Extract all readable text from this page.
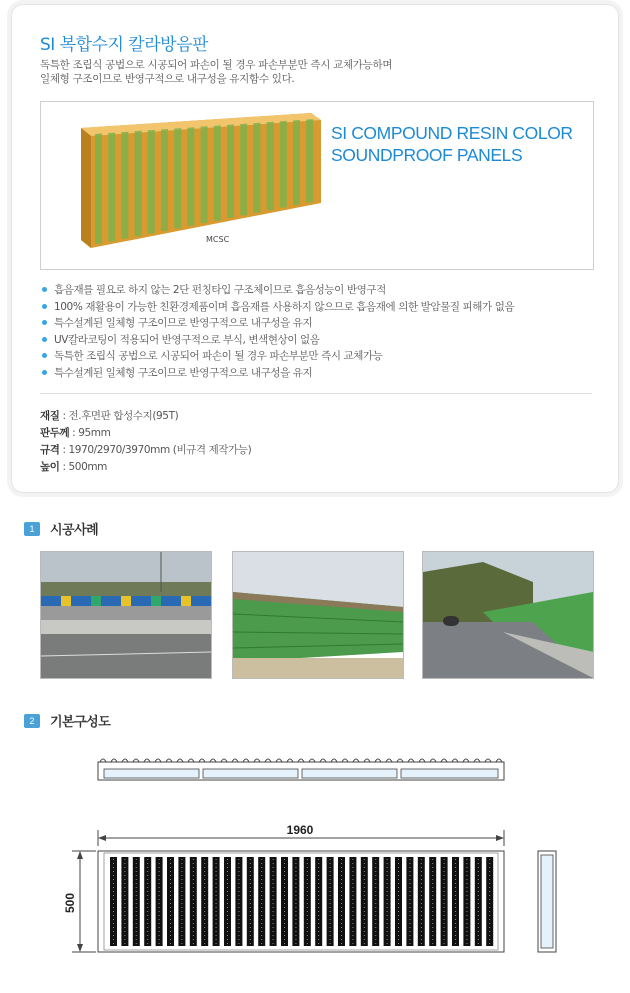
SI 복합수지 칼라방음판
독특한 조립식 공법으로 시공되어 파손이 될 경우 파손부분만 즉시 교체가능하며
일체형 구조이므로 반영구적으로 내구성을 유지함수 있다.
SI COMPOUND RESIN COLOR
SOUNDPROOF PANELS
MCSC
흡음재를 필요로 하지 않는 2단 펀칭타입 구조체이므로 흡음성능이 반영구적
100% 재활용이 가능한 친환경제품이며 흡음재를 사용하지 않으므로 흡음재에 의한 발암물질 피해가 없음
특수설계된 일체형 구조이므로 반영구적으로 내구성을 유지
UV칼라코팅이 적용되어 반영구적으로 부식, 변색현상이 없음
독특한 조립식 공법으로 시공되어 파손이 될 경우 파손부분만 즉시 교체가능
특수설계된 일체형 구조이므로 반영구적으로 내구성을 유지
재질 : 전.후면판 합성수지(95T)
판두께 : 95mm
규격 : 1970/2970/3970mm (비규격 제작가능)
높이 : 500mm
1	시공사례
2	기본구성도
1960
500
